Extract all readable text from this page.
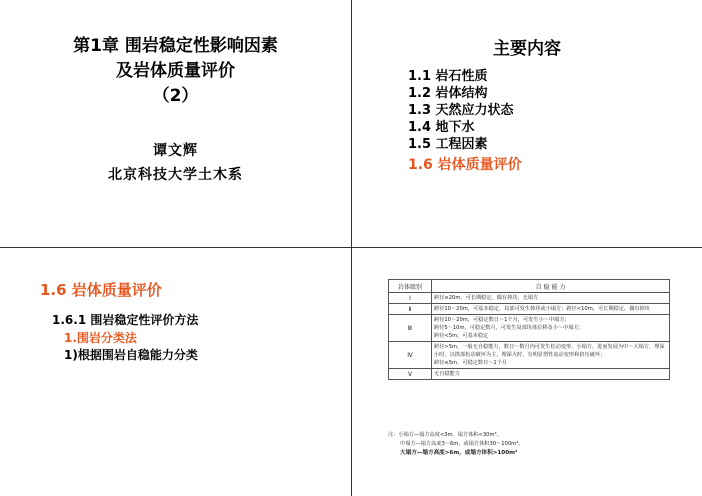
第1章 围岩稳定性影响因素
及岩体质量评价
（2）
谭文辉
北京科技大学土木系
主要内容
1.1 岩石性质
1.2 岩体结构
1.3 天然应力状态
1.4 地下水
1.5 工程因素
1.6 岩体质量评价
1.6 岩体质量评价
1.6.1 围岩稳定性评价方法
1.围岩分类法
1)根据围岩自稳能力分类
岩体级别	自 稳 能 力
Ⅰ	跨径≤20m，可长期稳定，偶有掉块，无塌方

Ⅱ	跨径10～20m，可基本稳定，局部可发生掉块或小塌方；跨径<10m，可长期稳定，偶有掉块

Ⅲ	跨径10～20m，可稳定数日～1个月，可发生小～中塌方；

跨径5～10m，可稳定数月，可发生局部块体位移及小～中塌方；

跨径<5m，可基本稳定

Ⅳ	跨径>5m，一般无自稳能力，数日～数月内可发生松动变形、小塌方，进而发展为中～大塌方，埋深小时，以拱部松动破坏为主，埋深大时，有明显塑性流动变形和挤压破坏；

跨径≤5m，可稳定数日～1个月

Ⅴ	无自稳能力

注：小塌方—塌方高度<3m，塌方体积<30m³。
中塌方—塌方高度3～6m，或塌方体积30～100m³。
大塌方—塌方高度>6m，或塌方体积>100m³
